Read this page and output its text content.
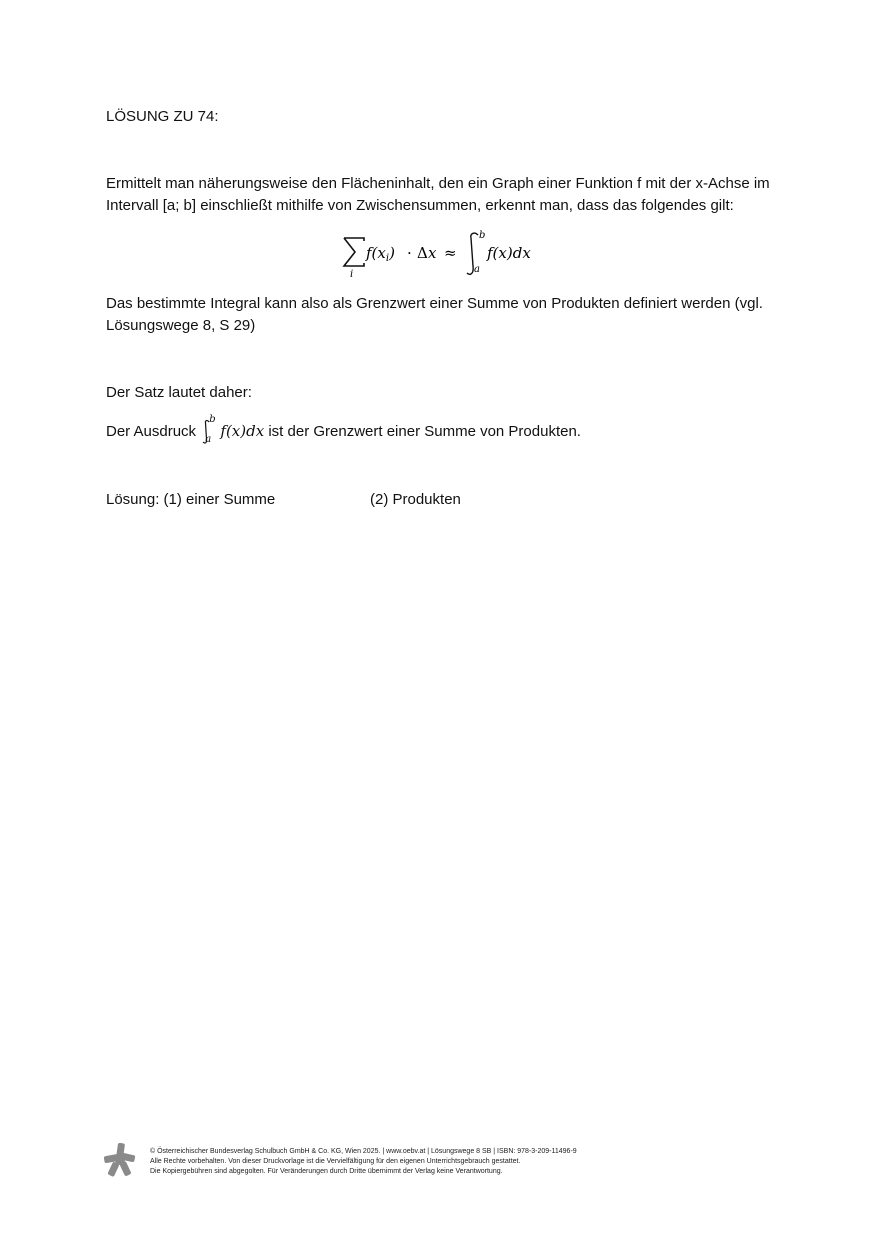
LÖSUNG ZU 74:
Ermittelt man näherungsweise den Flächeninhalt, den ein Graph einer Funktion f mit der x-Achse im
Intervall [a; b] einschließt mithilfe von Zwischensummen, erkennt man, dass das folgendes gilt:
i
$f(x_i) \cdot \Delta$ x ≈
b
a
f(x)dx
Das bestimmte Integral kann also als Grenzwert einer Summe von Produkten definiert werden (vgl.
Lösungswege 8, S 29)
Der Satz lautet daher:
Der Ausdruck
b
a f(x)dx ist der Grenzwert einer Summe von Produkten.
Lösung: (1) einer Summe	(2) Produkten
© Österreichischer Bundesverlag Schulbuch GmbH & Co. KG, Wien 2025. | www.oebv.at | Lösungswege 8 SB | ISBN: 978-3-209-11496-9
Alle Rechte vorbehalten. Von dieser Druckvorlage ist die Vervielfältigung für den eigenen Unterrichtsgebrauch gestattet.
Die Kopiergebühren sind abgegolten. Für Veränderungen durch Dritte übernimmt der Verlag keine Verantwortung.
